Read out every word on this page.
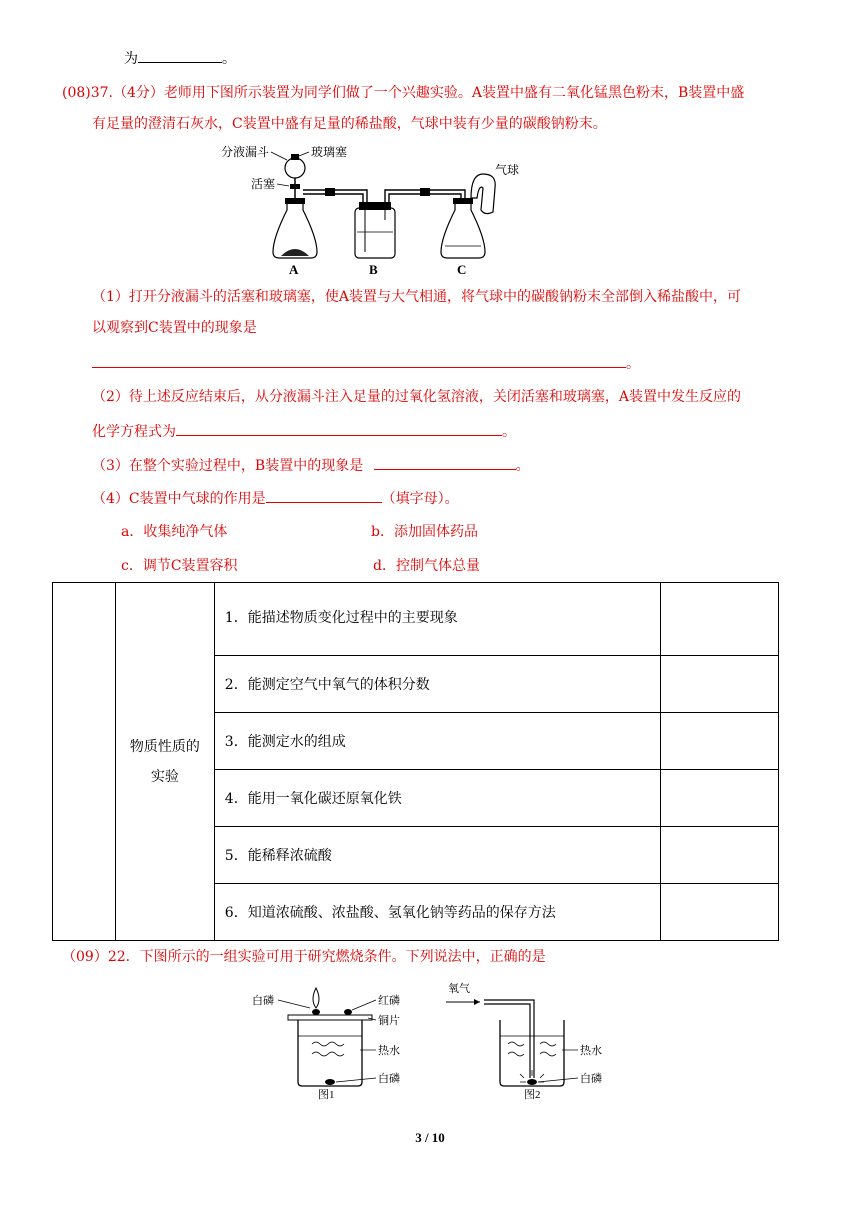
为	。
(08)37.（4分）老师用下图所示装置为同学们做了一个兴趣实验。A装置中盛有二氧化锰黑色粉末，B装置中盛
有足量的澄清石灰水，C装置中盛有足量的稀盐酸，气球中装有少量的碳酸钠粉末。
分液漏斗	玻璃塞
活塞
气球
A	B	C
（1）打开分液漏斗的活塞和玻璃塞，使A装置与大气相通，将气球中的碳酸钠粉末全部倒入稀盐酸中，可
以观察到C装置中的现象是
。
（2）待上述反应结束后，从分液漏斗注入足量的过氧化氢溶液，关闭活塞和玻璃塞，A装置中发生反应的
化学方程式为	。
（3）在整个实验过程中，B装置中的现象是	。
（4）C装置中气球的作用是	（填字母）。
a．收集纯净气体	b．添加固体药品
c．调节C装置容积	d．控制气体总量
	物质性质的实验	1．能描述物质变化过程中的主要现象	
		2．能测定空气中氧气的体积分数	
		3．能测定水的组成	
		4．能用一氧化碳还原氧化铁	
		5．能稀释浓硫酸	
		6．知道浓硫酸、浓盐酸、氢氧化钠等药品的保存方法	
（09）22．下图所示的一组实验可用于研究燃烧条件。下列说法中，正确的是
白磷	红磷
铜片
热水
白磷
图1
氧气
热水
白磷
图2
3 / 10
